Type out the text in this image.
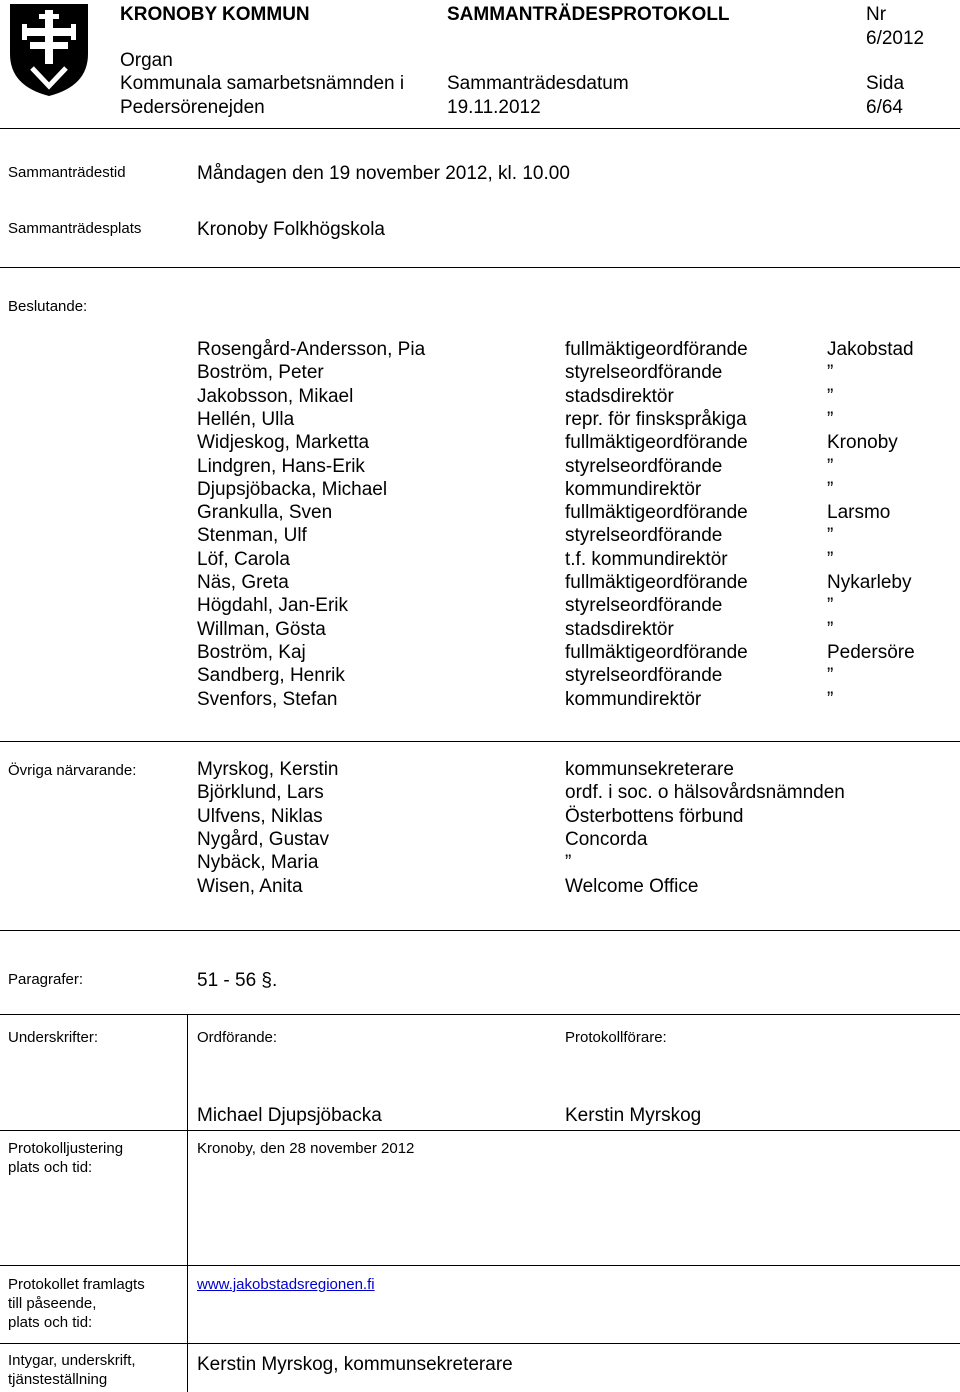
KRONOBY KOMMUN	SAMMANTRÄDESPROTOKOLL	Nr
6/2012
Organ
Kommunala samarbetsnämnden i
Pedersörenejden
Sammanträdesdatum
19.11.2012
Sida
6/64
Sammanträdestid	Måndagen den 19 november 2012, kl. 10.00
Sammanträdesplats	Kronoby Folkhögskola
Beslutande:
Rosengård-Andersson, Pia	fullmäktigeordförande	Jakobstad
Boström, Peter	styrelseordförande	”
Jakobsson, Mikael	stadsdirektör	”
Hellén, Ulla	repr. för finskspråkiga	”
Widjeskog, Marketta	fullmäktigeordförande	Kronoby
Lindgren, Hans-Erik	styrelseordförande	”
Djupsjöbacka, Michael	kommundirektör	”
Grankulla, Sven	fullmäktigeordförande	Larsmo
Stenman, Ulf	styrelseordförande	”
Löf, Carola	t.f. kommundirektör	”
Näs, Greta	fullmäktigeordförande	Nykarleby
Högdahl, Jan-Erik	styrelseordförande	”
Willman, Gösta	stadsdirektör	”
Boström, Kaj	fullmäktigeordförande	Pedersöre
Sandberg, Henrik	styrelseordförande	”
Svenfors, Stefan	kommundirektör	”
Övriga närvarande:	Myrskog, Kerstin	kommunsekreterare
Björklund, Lars	ordf. i soc. o hälsovårdsnämnden
Ulfvens, Niklas	Österbottens förbund
Nygård, Gustav	Concorda
Nybäck, Maria	”
Wisen, Anita	Welcome Office
Paragrafer:	51 - 56 §.
Underskrifter:	Ordförande:	Protokollförare:
Michael Djupsjöbacka	Kerstin Myrskog
Protokolljustering
plats och tid:
Kronoby, den 28 november 2012
Protokollet framlagts
till påseende,
plats och tid:
www.jakobstadsregionen.fi
Intygar, underskrift,
tjänsteställning
Kerstin Myrskog, kommunsekreterare
